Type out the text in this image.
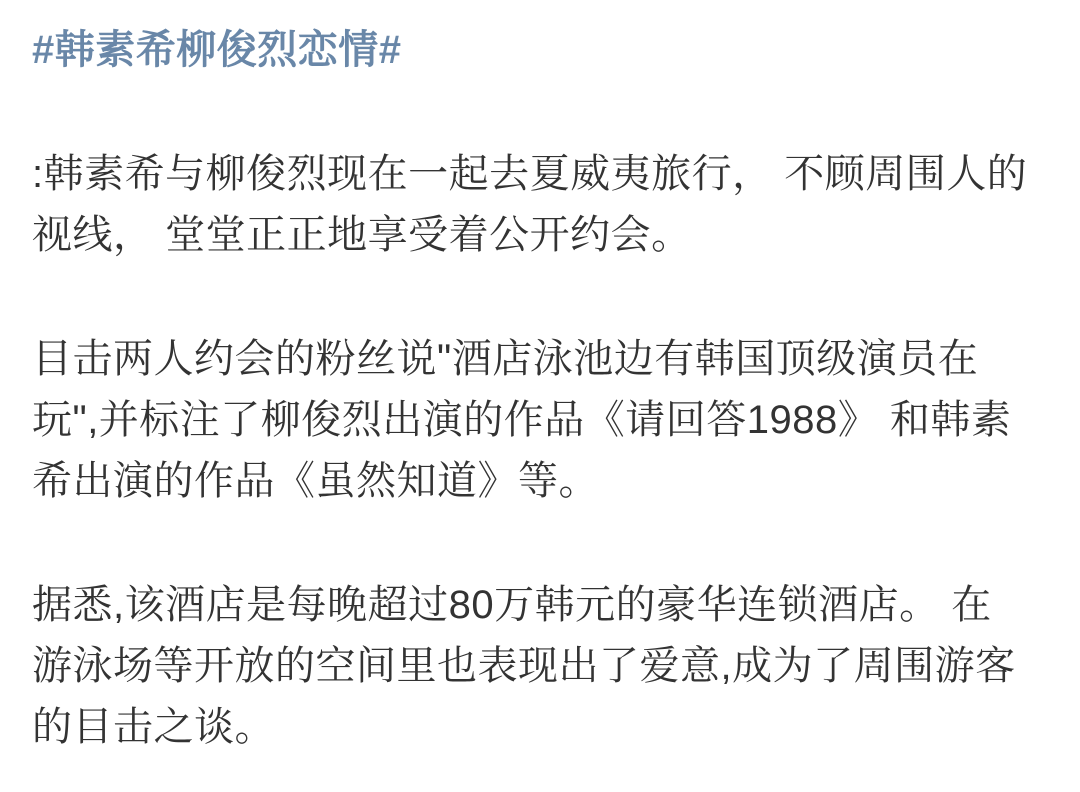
#韩素希柳俊烈恋情#
:韩素希与柳俊烈现在一起去夏威夷旅行， 不顾周围人的
视线， 堂堂正正地享受着公开约会。
目击两人约会的粉丝说"酒店泳池边有韩国顶级演员在
玩",并标注了柳俊烈出演的作品《请回答1988》 和韩素
希出演的作品《虽然知道》等。
据悉,该酒店是每晚超过80万韩元的豪华连锁酒店。 在
游泳场等开放的空间里也表现出了爱意,成为了周围游客
的目击之谈。
